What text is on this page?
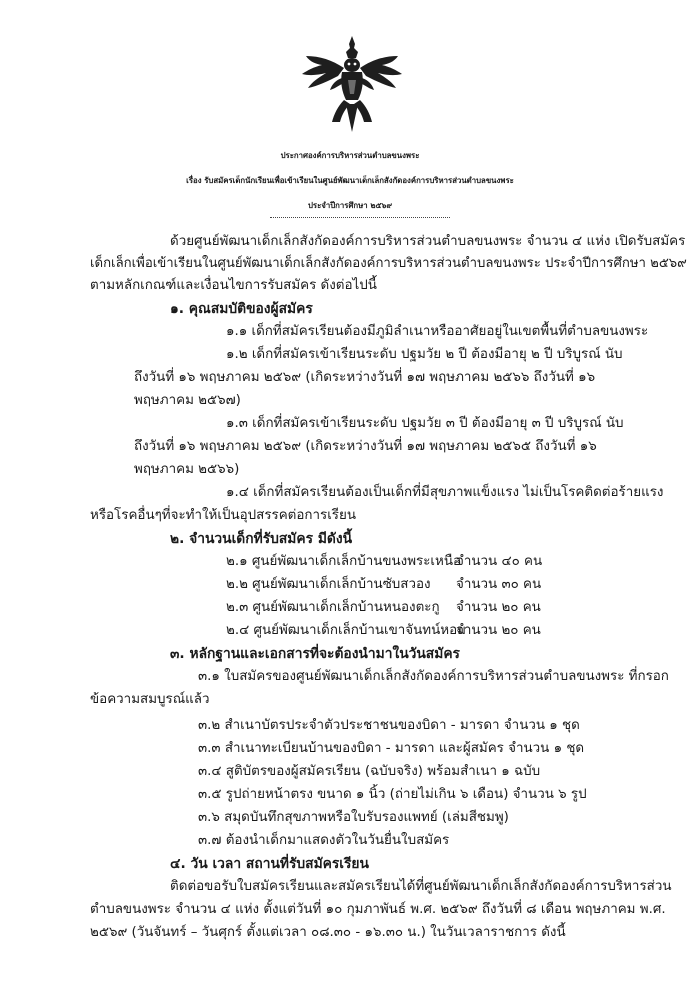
ประกาศองค์การบริหารส่วนตำบลขนงพระ
เรื่อง รับสมัครเด็กนักเรียนเพื่อเข้าเรียนในศูนย์พัฒนาเด็กเล็กสังกัดองค์การบริหารส่วนตำบลขนงพระ
ประจำปีการศึกษา ๒๕๖๙
ด้วยศูนย์พัฒนาเด็กเล็กสังกัดองค์การบริหารส่วนตำบลขนงพระ จำนวน ๔ แห่ง เปิดรับสมัคร
เด็กเล็กเพื่อเข้าเรียนในศูนย์พัฒนาเด็กเล็กสังกัดองค์การบริหารส่วนตำบลขนงพระ ประจำปีการศึกษา ๒๕๖๙
ตามหลักเกณฑ์และเงื่อนไขการรับสมัคร ดังต่อไปนี้
๑. คุณสมบัติของผู้สมัคร
๑.๑ เด็กที่สมัครเรียนต้องมีภูมิลำเนาหรืออาศัยอยู่ในเขตพื้นที่ตำบลขนงพระ
๑.๒ เด็กที่สมัครเข้าเรียนระดับ ปฐมวัย ๒ ปี ต้องมีอายุ ๒ ปี บริบูรณ์ นับ
ถึงวันที่ ๑๖ พฤษภาคม ๒๕๖๙ (เกิดระหว่างวันที่ ๑๗ พฤษภาคม ๒๕๖๖ ถึงวันที่ ๑๖
พฤษภาคม ๒๕๖๗)
๑.๓ เด็กที่สมัครเข้าเรียนระดับ ปฐมวัย ๓ ปี ต้องมีอายุ ๓ ปี บริบูรณ์ นับ
ถึงวันที่ ๑๖ พฤษภาคม ๒๕๖๙ (เกิดระหว่างวันที่ ๑๗ พฤษภาคม ๒๕๖๕ ถึงวันที่ ๑๖
พฤษภาคม ๒๕๖๖)
๑.๔ เด็กที่สมัครเรียนต้องเป็นเด็กที่มีสุขภาพแข็งแรง ไม่เป็นโรคติดต่อร้ายแรง
หรือโรคอื่นๆที่จะทำให้เป็นอุปสรรคต่อการเรียน
๒. จำนวนเด็กที่รับสมัคร มีดังนี้
๒.๑ ศูนย์พัฒนาเด็กเล็กบ้านขนงพระเหนือ
จำนวน ๔๐ คน
๒.๒ ศูนย์พัฒนาเด็กเล็กบ้านซับสวอง จำนวน ๓๐ คน
๒.๓ ศูนย์พัฒนาเด็กเล็กบ้านหนองตะกู จำนวน ๒๐ คน
๒.๔ ศูนย์พัฒนาเด็กเล็กบ้านเขาจันทน์หอม
จำนวน ๒๐ คน
๓. หลักฐานและเอกสารที่จะต้องนำมาในวันสมัคร
๓.๑ ใบสมัครของศูนย์พัฒนาเด็กเล็กสังกัดองค์การบริหารส่วนตำบลขนงพระ ที่กรอก
ข้อความสมบูรณ์แล้ว
๓.๒ สำเนาบัตรประจำตัวประชาชนของบิดา - มารดา จำนวน ๑ ชุด
๓.๓ สำเนาทะเบียนบ้านของบิดา - มารดา และผู้สมัคร จำนวน ๑ ชุด
๓.๔ สูติบัตรของผู้สมัครเรียน (ฉบับจริง) พร้อมสำเนา ๑ ฉบับ
๓.๕ รูปถ่ายหน้าตรง ขนาด ๑ นิ้ว (ถ่ายไม่เกิน ๖ เดือน) จำนวน ๖ รูป
๓.๖ สมุดบันทึกสุขภาพหรือใบรับรองแพทย์ (เล่มสีชมพู)
๓.๗ ต้องนำเด็กมาแสดงตัวในวันยื่นใบสมัคร
๔. วัน เวลา สถานที่รับสมัครเรียน
ติดต่อขอรับใบสมัครเรียนและสมัครเรียนได้ที่ศูนย์พัฒนาเด็กเล็กสังกัดองค์การบริหารส่วน
ตำบลขนงพระ จำนวน ๔ แห่ง ตั้งแต่วันที่ ๑๐ กุมภาพันธ์ พ.ศ. ๒๕๖๙ ถึงวันที่ ๘ เดือน พฤษภาคม พ.ศ.
๒๕๖๙ (วันจันทร์ – วันศุกร์ ตั้งแต่เวลา ๐๘.๓๐ - ๑๖.๓๐ น.) ในวันเวลาราชการ ดังนี้
